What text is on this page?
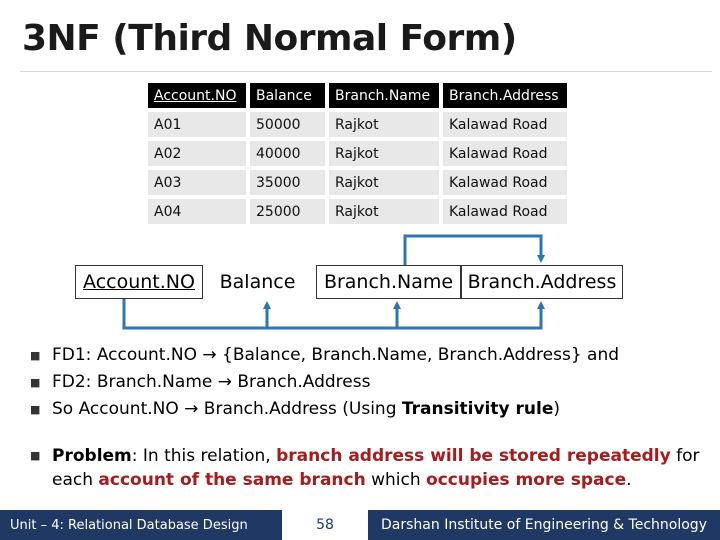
3NF (Third Normal Form)
Account.NO	Balance	Branch.Name	Branch.Address
A01	50000	Rajkot	Kalawad Road
A02	40000	Rajkot	Kalawad Road
A03	35000	Rajkot	Kalawad Road
A04	25000	Rajkot	Kalawad Road
Account.NO	Balance	Branch.Name Branch.Address
■ FD1: Account.NO → {Balance, Branch.Name, Branch.Address} and
■ FD2: Branch.Name → Branch.Address
■ So Account.NO → Branch.Address (Using Transitivity rule)
■ Problem: In this relation, branch address will be stored repeatedly for each account of the same branch which occupies more space.
Unit – 4: Relational Database Design	58	Darshan Institute of Engineering & Technology
